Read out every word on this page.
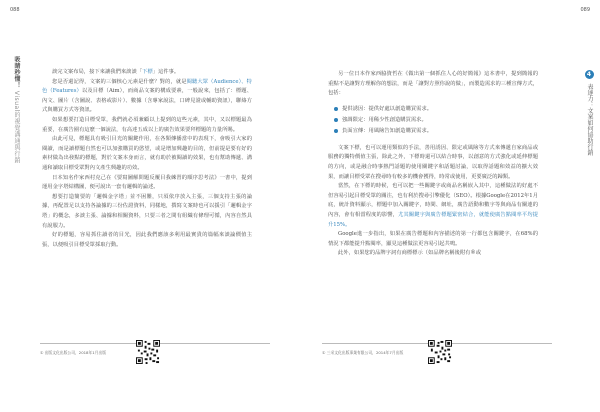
088
吸睛秒懂！ Visual的視覺溝通與行銷

談完文案布局，接下來讓我們來談談「下標」這件事。

您是否還記得，文案的三個核心元素是什麼？對的，就是閱聽大眾（Audience）、特色（Features）以及目標（Aim），而商品文案的構成要素，一般說來，包括了：標題、內文、圖片（含圖說、表格或影片）、數據（含專家說法，口碑見證或輔助資訊），聯絡方式與購買方式等資訊。

如果想要打造目標受眾，我們就必須兼顧以上提到的這些元素，其中，又以標題最為重要，在廣告圈有這麼一個說法，有高達五成以上的廣告效果要拜標題的力量所賜。

由此可見，標題具有吸引目光的關鍵作用，在各類傳播當中的表現下，會吸引大家的閱讀，而是讀標題自然也可以加強購買的慾望，或是增加興趣的目的，但前提是要有好的素材做為出發點的標題，對於文案本身而言，就有助於被閱讀的效果，也有幫助傳遞、溝通和讀取目標受眾對內文產生興趣的功效。

日本知名作家西村克己在《要寫圖解問題反覆目我練習的順序思考法》一書中，提到運用金字塔結構圖，便可說出一套有邏輯的論述。

想要打造簡要的「邏輯金字塔」並不困難，只須依序放入主張，三個支持主張的論據，再配置足以支持各論據的三份佐證資料，同樣地，撰寫文案時也可以援引「邏輯金字塔」的概念，多談主張、論據和相關資料，只要三者之間有組織有條理可循，內容自然具有說服力。

好的標題，容易抓住讀者的目光，因此我們應該多利用最實貴的篇幅來談論價值主張，以便吸引目標受眾採取行動。

① 出版文化出版公司，2018年1月出版
089
4 表達力：文案如何協助行銷

另一位日本作家西脇資哲在《做出第一個抓住人心的好簡報》這本書中，提到簡報的重點不是讓對方理解你的想法，而是「讓對方照你說的做」，而製造需求的三種宣傳方式，包括：

提供誘因：提供好處以創造購買需求。
強調限定：用稀少性創造購買需求。
負面宣傳：用風險告知創造購買需求。

文案下標，也可以運用類似的手法，善用誘因、限定或風險等方式來傳遞自家商品或服務的獨特價值主張，除此之外，下標時還可以結合時事，以創意的方式強化或延伸標題的方向，或是融合時事熱門話題的使用關鍵字和話題討論，以取得話題和效益的擴大效果，而讓目標受眾在搜尋時有較多的機會獲得，時常或使用，更要廣泛的歸類。

當然，在下標的時候，也可以把一些關鍵字或商品名稱嵌入其中，這種做法的好處不但容易引起目標受眾的關注，也有利於搜尋引擎優化（SEO）。根據Google在2012年1月底，統計資料顯示，標題中加入關鍵字，時間、網址，廣告語動和數字等與商品有關連的內容，會有相當程度的影響，尤其關鍵字與廣告標題緊密結合，就能使廣告點閱率平均提升15%。

Google進一步指出，如果在廣告標題和內容描述的第一行都包含關鍵字，在68%的情況下都能提升點閱率，顯見這種做法更容易引起共鳴。

此外，如果您的品牌字詞有商標標示（如品牌名稱後附有®或

① 三采文化出版事業有限公司，2014年7月出版
